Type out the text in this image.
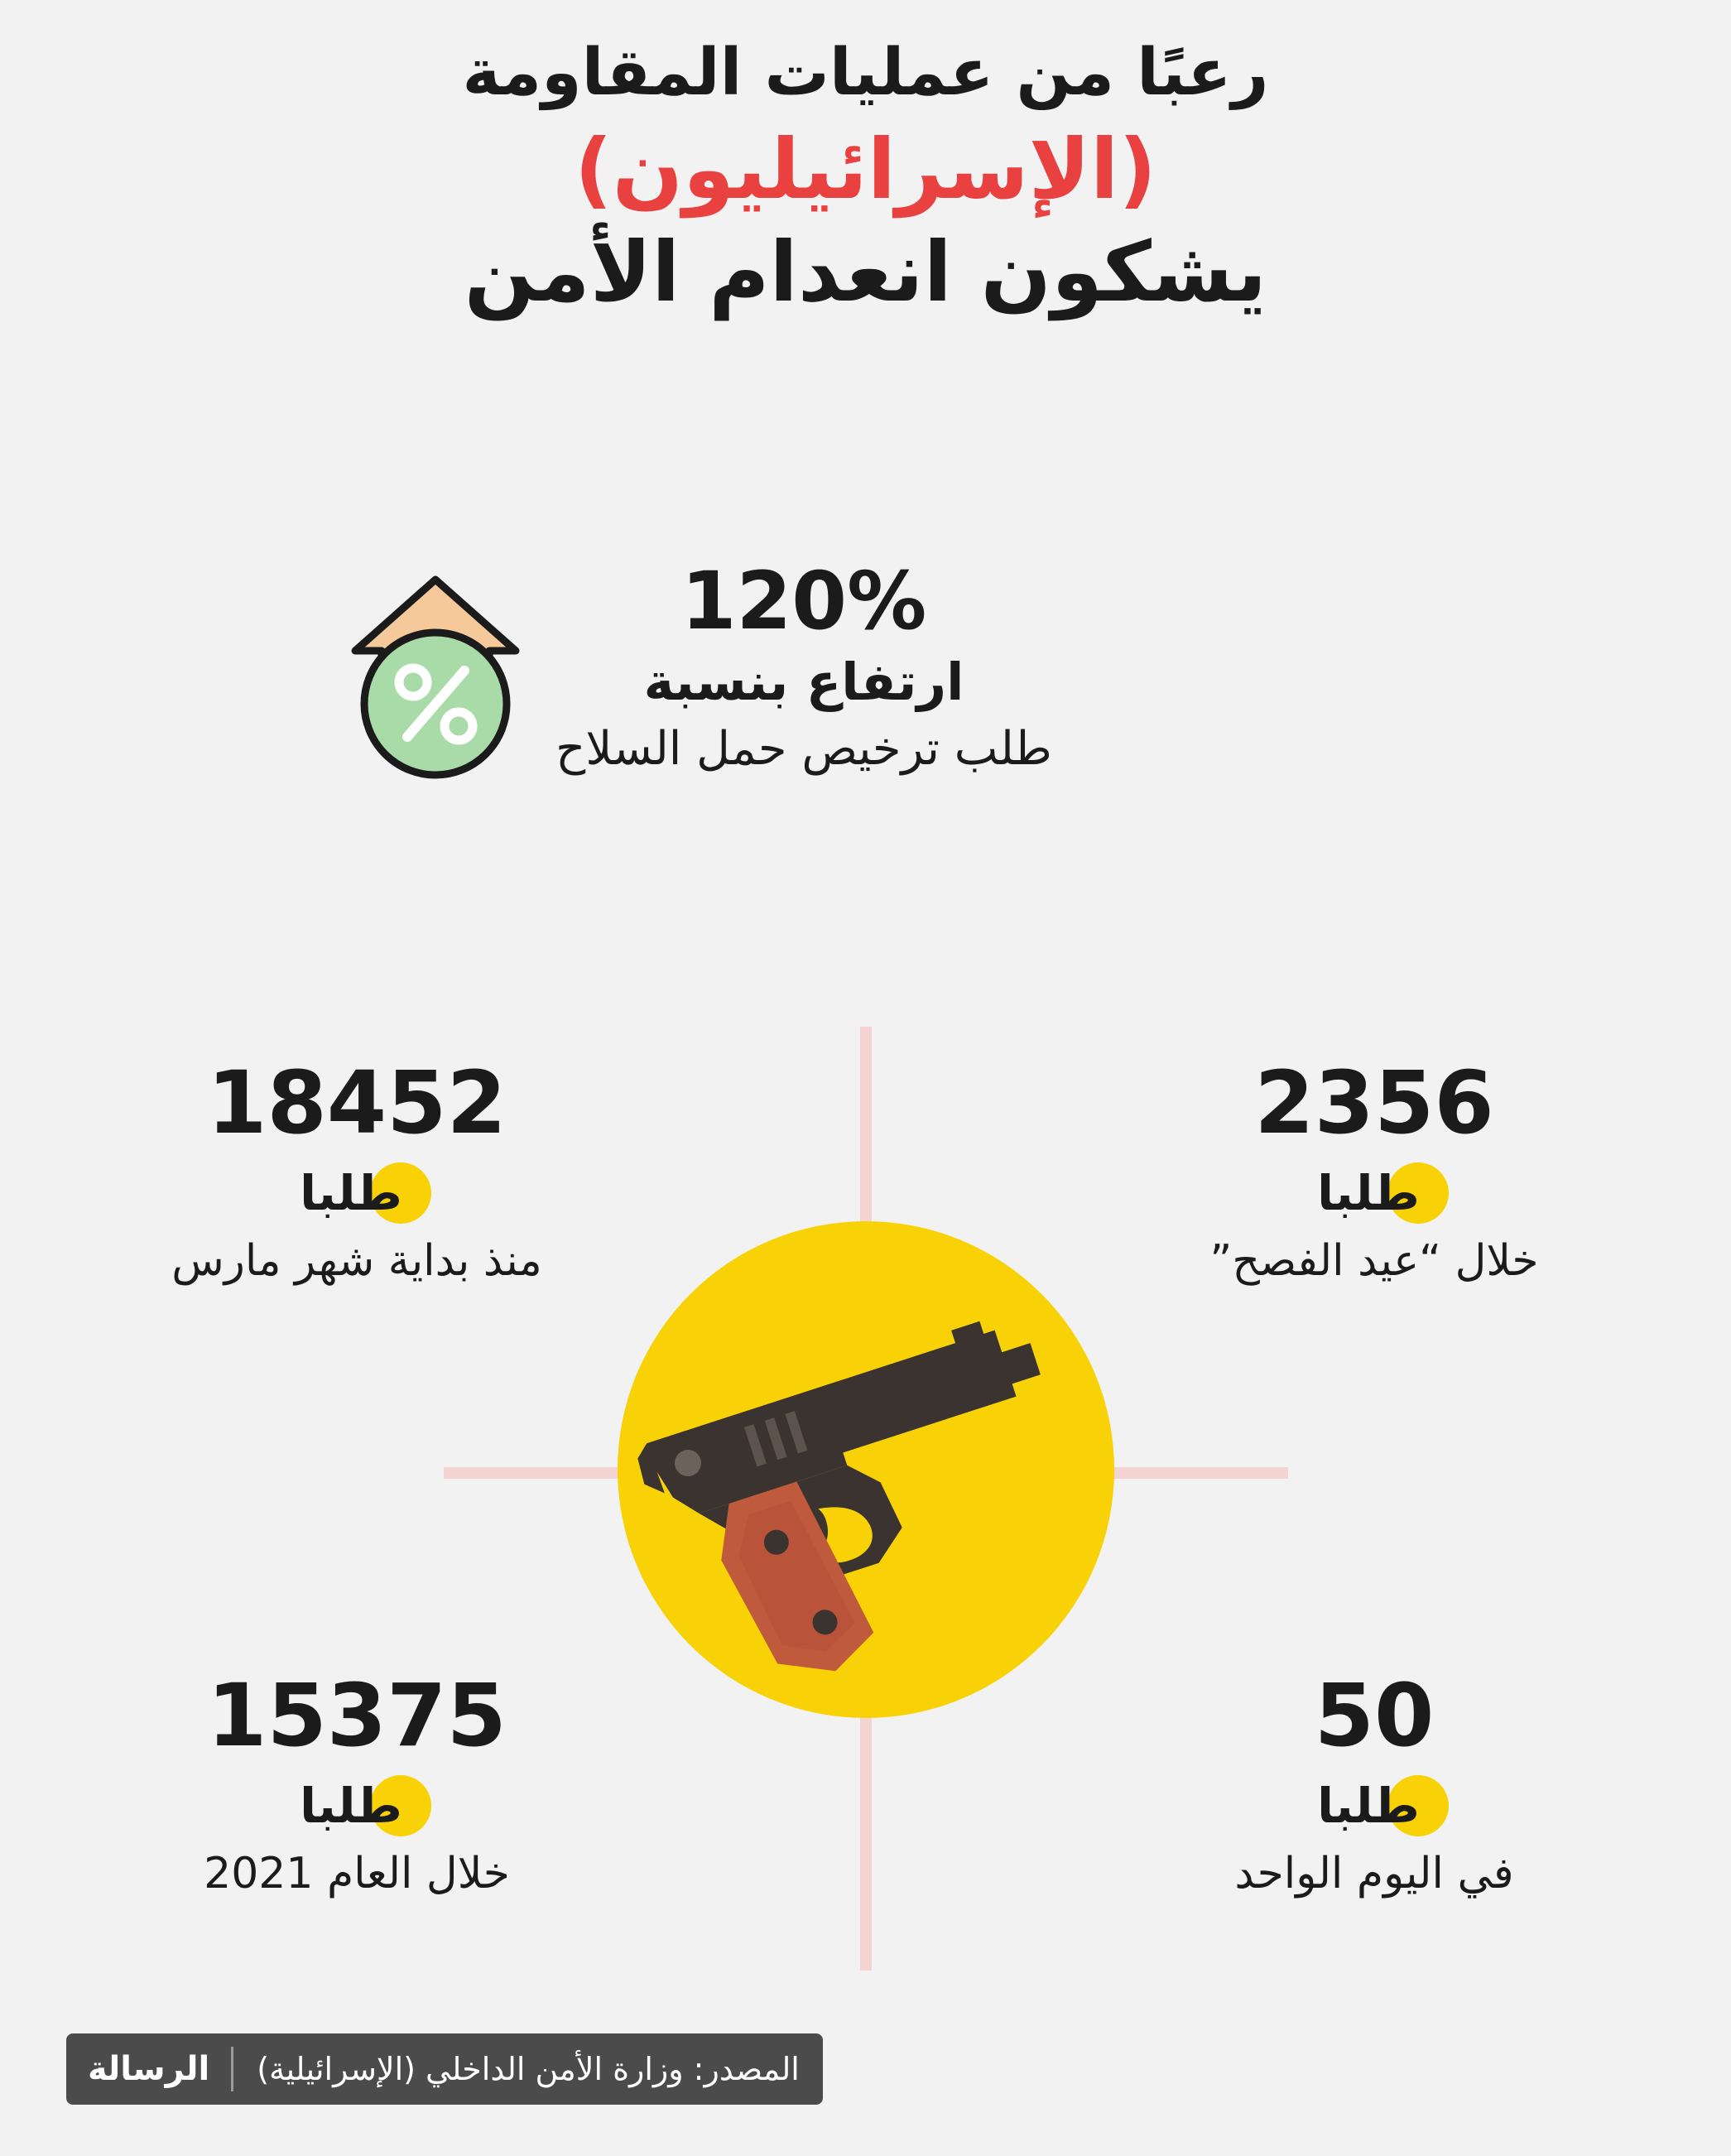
رعبًا من عمليات المقاومة
(الإسرائيليون)
يشكون انعدام الأمن
120%
ارتفاع بنسبة
طلب ترخيص حمل السلاح
18452
طلبا
منذ بداية شهر مارس
2356
طلبا
خلال “عيد الفصح”
15375
طلبا
خلال العام 2021
50
طلبا
في اليوم الواحد
المصدر: وزارة الأمن الداخلي (الإسرائيلية)
الرسالة
